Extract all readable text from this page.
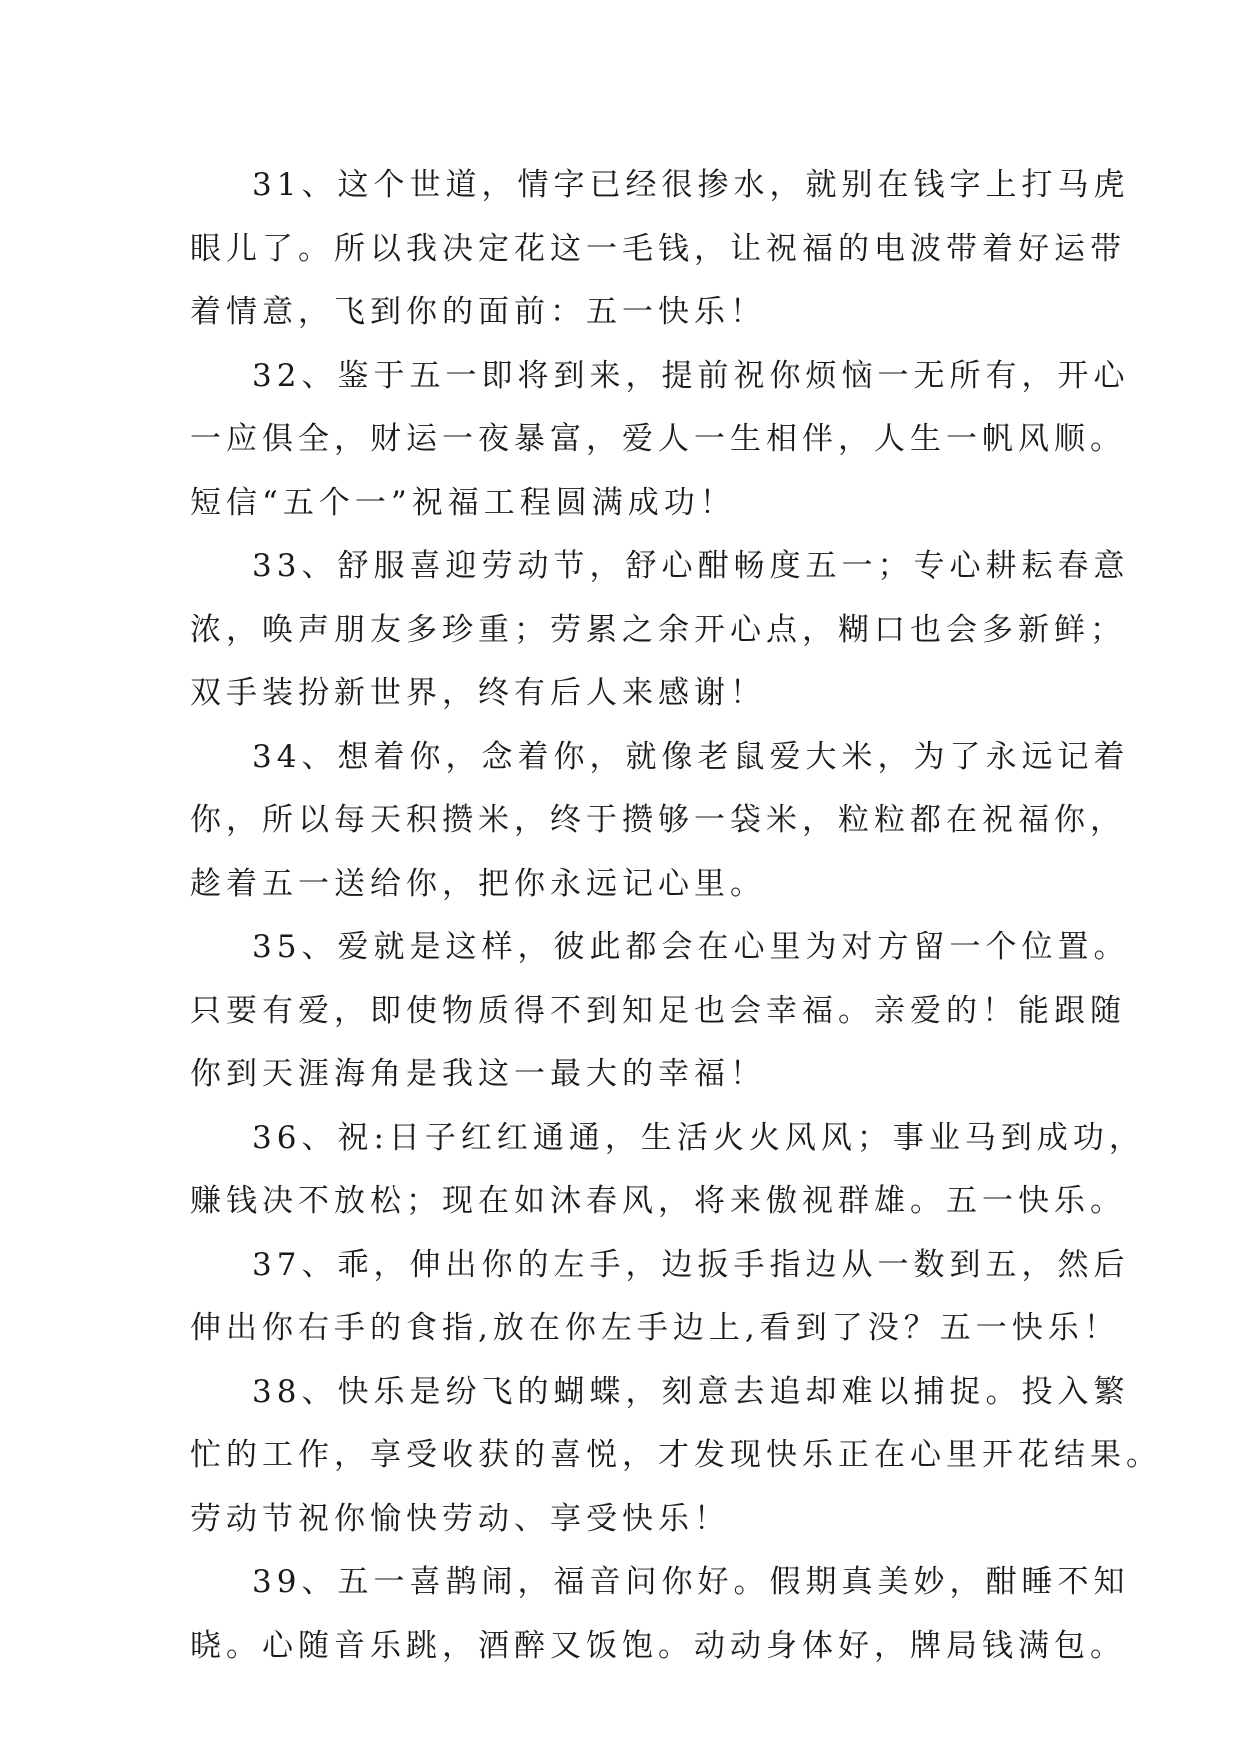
31、这个世道，情字已经很掺水，就别在钱字上打马虎
眼儿了。所以我决定花这一毛钱，让祝福的电波带着好运带
着情意，飞到你的面前：五一快乐！
32、鉴于五一即将到来，提前祝你烦恼一无所有，开心
一应俱全，财运一夜暴富，爱人一生相伴，人生一帆风顺。
短信“五个一”祝福工程圆满成功！
33、舒服喜迎劳动节，舒心酣畅度五一；专心耕耘春意
浓，唤声朋友多珍重；劳累之余开心点，糊口也会多新鲜；
双手装扮新世界，终有后人来感谢！
34、想着你，念着你，就像老鼠爱大米，为了永远记着
你，所以每天积攒米，终于攒够一袋米，粒粒都在祝福你，
趁着五一送给你，把你永远记心里。
35、爱就是这样，彼此都会在心里为对方留一个位置。
只要有爱，即使物质得不到知足也会幸福。亲爱的！能跟随
你到天涯海角是我这一最大的幸福！
36、祝:日子红红通通，生活火火风风；事业马到成功，
赚钱决不放松；现在如沐春风，将来傲视群雄。五一快乐。
37、乖，伸出你的左手，边扳手指边从一数到五，然后
伸出你右手的食指,放在你左手边上,看到了没？五一快乐！
38、快乐是纷飞的蝴蝶，刻意去追却难以捕捉。投入繁
忙的工作，享受收获的喜悦，才发现快乐正在心里开花结果。
劳动节祝你愉快劳动、享受快乐！
39、五一喜鹊闹，福音问你好。假期真美妙，酣睡不知
晓。心随音乐跳，酒醉又饭饱。动动身体好，牌局钱满包。
